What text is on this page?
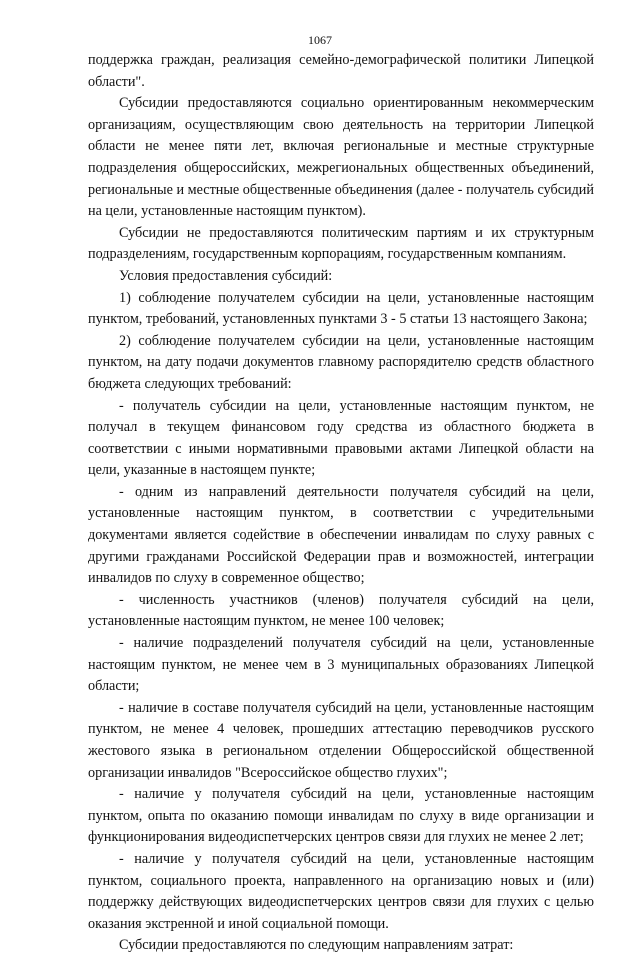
1067

поддержка граждан, реализация семейно-демографической политики Липецкой области".

Субсидии предоставляются социально ориентированным некоммерческим организациям, осуществляющим свою деятельность на территории Липецкой области не менее пяти лет, включая региональные и местные структурные подразделения общероссийских, межрегиональных общественных объединений, региональные и местные общественные объединения (далее - получатель субсидий на цели, установленные настоящим пунктом).

Субсидии не предоставляются политическим партиям и их структурным подразделениям, государственным корпорациям, государственным компаниям.

Условия предоставления субсидий:

1) соблюдение получателем субсидии на цели, установленные настоящим пунктом, требований, установленных пунктами 3 - 5 статьи 13 настоящего Закона;

2) соблюдение получателем субсидии на цели, установленные настоящим пунктом, на дату подачи документов главному распорядителю средств областного бюджета следующих требований:

- получатель субсидии на цели, установленные настоящим пунктом, не получал в текущем финансовом году средства из областного бюджета в соответствии с иными нормативными правовыми актами Липецкой области на цели, указанные в настоящем пункте;

- одним из направлений деятельности получателя субсидий на цели, установленные настоящим пунктом, в соответствии с учредительными документами является содействие в обеспечении инвалидам по слуху равных с другими гражданами Российской Федерации прав и возможностей, интеграции инвалидов по слуху в современное общество;

- численность участников (членов) получателя субсидий на цели, установленные настоящим пунктом, не менее 100 человек;

- наличие подразделений получателя субсидий на цели, установленные настоящим пунктом, не менее чем в 3 муниципальных образованиях Липецкой области;

- наличие в составе получателя субсидий на цели, установленные настоящим пунктом, не менее 4 человек, прошедших аттестацию переводчиков русского жестового языка в региональном отделении Общероссийской общественной организации инвалидов "Всероссийское общество глухих";

- наличие у получателя субсидий на цели, установленные настоящим пунктом, опыта по оказанию помощи инвалидам по слуху в виде организации и функционирования видеодиспетчерских центров связи для глухих не менее 2 лет;

- наличие у получателя субсидий на цели, установленные настоящим пунктом, социального проекта, направленного на организацию новых и (или) поддержку действующих видеодиспетчерских центров связи для глухих с целью оказания экстренной и иной социальной помощи.

Субсидии предоставляются по следующим направлениям затрат:
